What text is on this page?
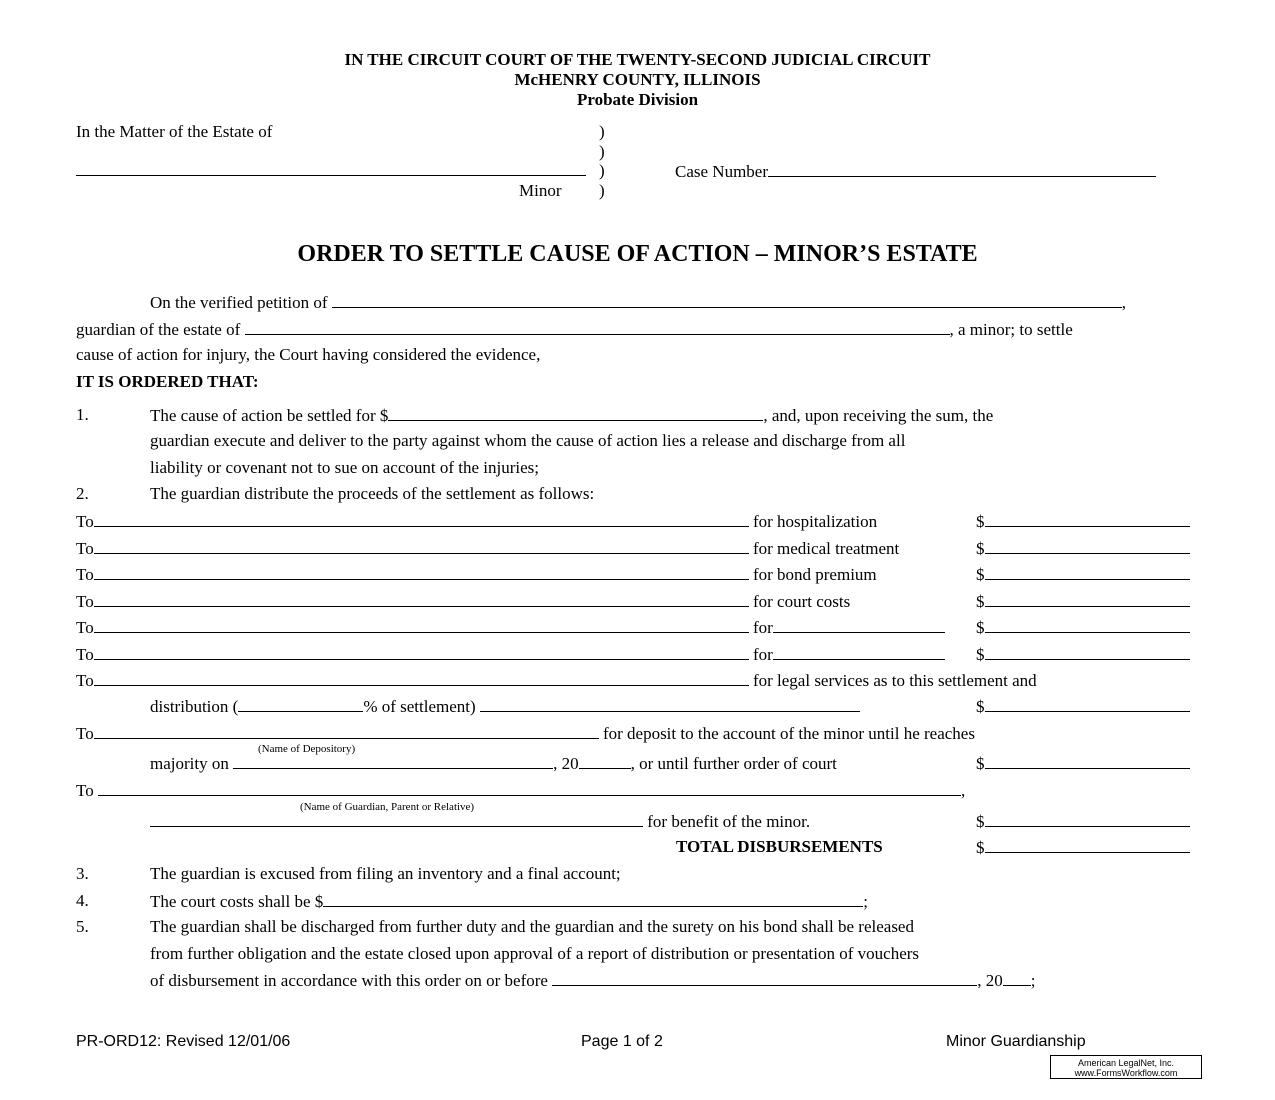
IN THE CIRCUIT COURT OF THE TWENTY-SECOND JUDICIAL CIRCUIT
McHENRY COUNTY, ILLINOIS
Probate Division
In the Matter of the Estate of	)
)
)	Case Number
Minor )
ORDER TO SETTLE CAUSE OF ACTION – MINOR’S ESTATE
On the verified petition of	,
guardian of the estate of	, a minor; to settle
cause of action for injury, the Court having considered the evidence,
IT IS ORDERED THAT:
1.	The cause of action be settled for $	, and, upon receiving the sum, the
guardian execute and deliver to the party against whom the cause of action lies a release and discharge from all
liability or covenant not to sue on account of the injuries;
2.	The guardian distribute the proceeds of the settlement as follows:
To	for hospitalization	$
To	for medical treatment	$
To	for bond premium	$
To	for court costs	$
To	for	$
To	for	$
To	for legal services as to this settlement and
distribution (	% of settlement)	$
To	for deposit to the account of the minor until he reaches
(Name of Depository)
majority on	, 20	, or until further order of court	$
To	,
(Name of Guardian, Parent or Relative)
for benefit of the minor.	$
TOTAL DISBURSEMENTS	$
3.	The guardian is excused from filing an inventory and a final account;
4.	The court costs shall be $	;
5.	The guardian shall be discharged from further duty and the guardian and the surety on his bond shall be released
from further obligation and the estate closed upon approval of a report of distribution or presentation of vouchers
of disbursement in accordance with this order on or before	, 20 ;
PR-ORD12: Revised 12/01/06	Page 1 of 2	Minor Guardianship
American LegalNet, Inc.
www.FormsWorkflow.com
